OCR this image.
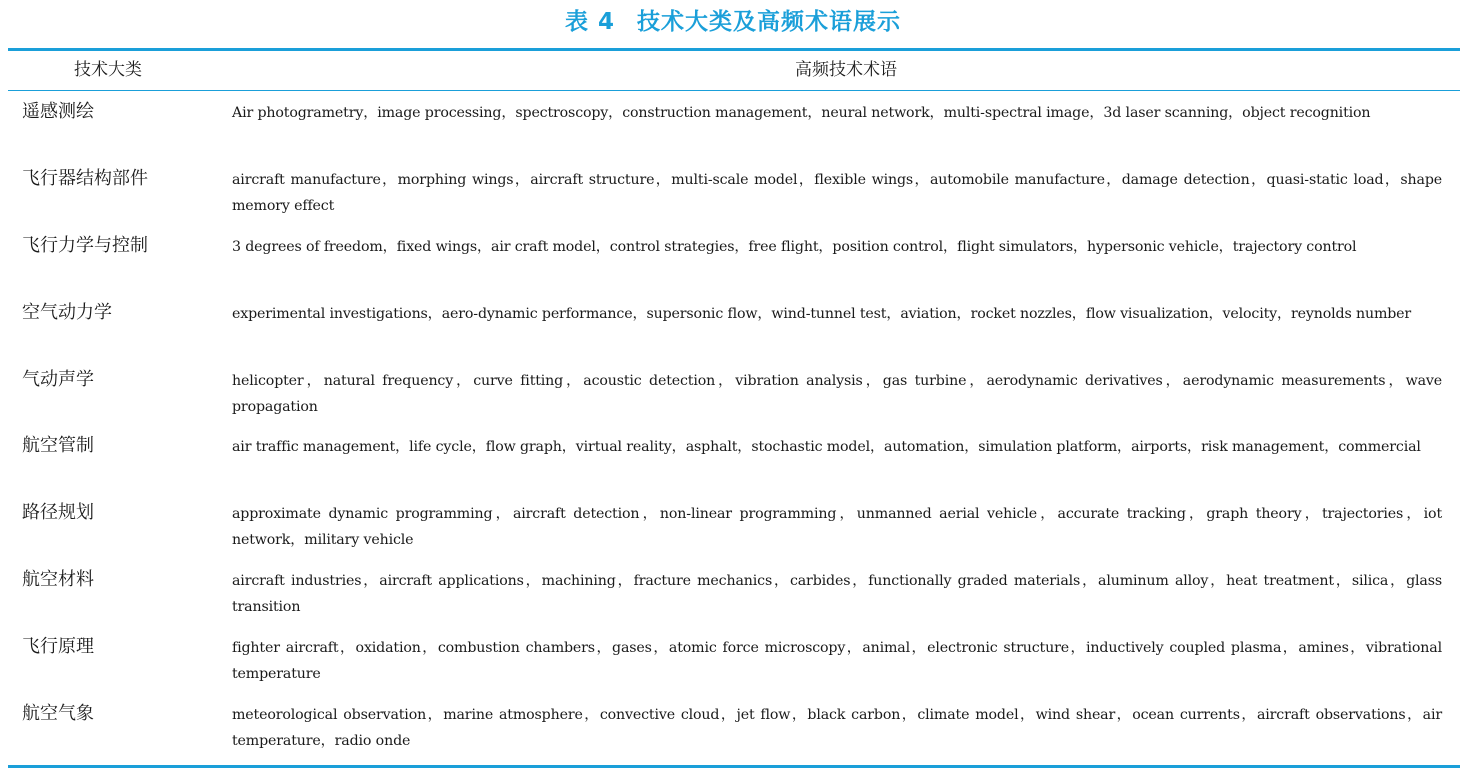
表 4 技术大类及高频术语展示
技术大类	高频技术术语
遥感测绘	Air photogrametry，image processing，spectroscopy，construction management，neural network，multi-spectral image，3d laser scanning，object recognition
飞行器结构部件	aircraft manufacture，morphing wings，aircraft structure，multi-scale model，flexible wings，automobile manufacture，damage detection，quasi-static load，shape memory effect
飞行力学与控制	3 degrees of freedom，fixed wings，air craft model，control strategies，free flight，position control，flight simulators，hypersonic vehicle，trajectory control
空气动力学	experimental investigations，aero-dynamic performance，supersonic flow，wind-tunnel test，aviation，rocket nozzles，flow visualization，velocity，reynolds number
气动声学	helicopter，natural frequency，curve fitting，acoustic detection，vibration analysis，gas turbine，aerodynamic derivatives，aerodynamic measurements，wave propagation
航空管制	air traffic management，life cycle，flow graph，virtual reality，asphalt，stochastic model，automation，simulation platform，airports，risk management，commercial
路径规划	approximate dynamic programming，aircraft detection，non-linear programming，unmanned aerial vehicle，accurate tracking，graph theory，trajectories，iot network，military vehicle
航空材料	aircraft industries，aircraft applications，machining，fracture mechanics，carbides，functionally graded materials，aluminum alloy，heat treatment，silica，glass transition
飞行原理	fighter aircraft，oxidation，combustion chambers，gases，atomic force microscopy，animal，electronic structure，inductively coupled plasma，amines，vibrational temperature
航空气象	meteorological observation，marine atmosphere，convective cloud，jet flow，black carbon，climate model，wind shear，ocean currents，aircraft observations，air temperature，radio onde
